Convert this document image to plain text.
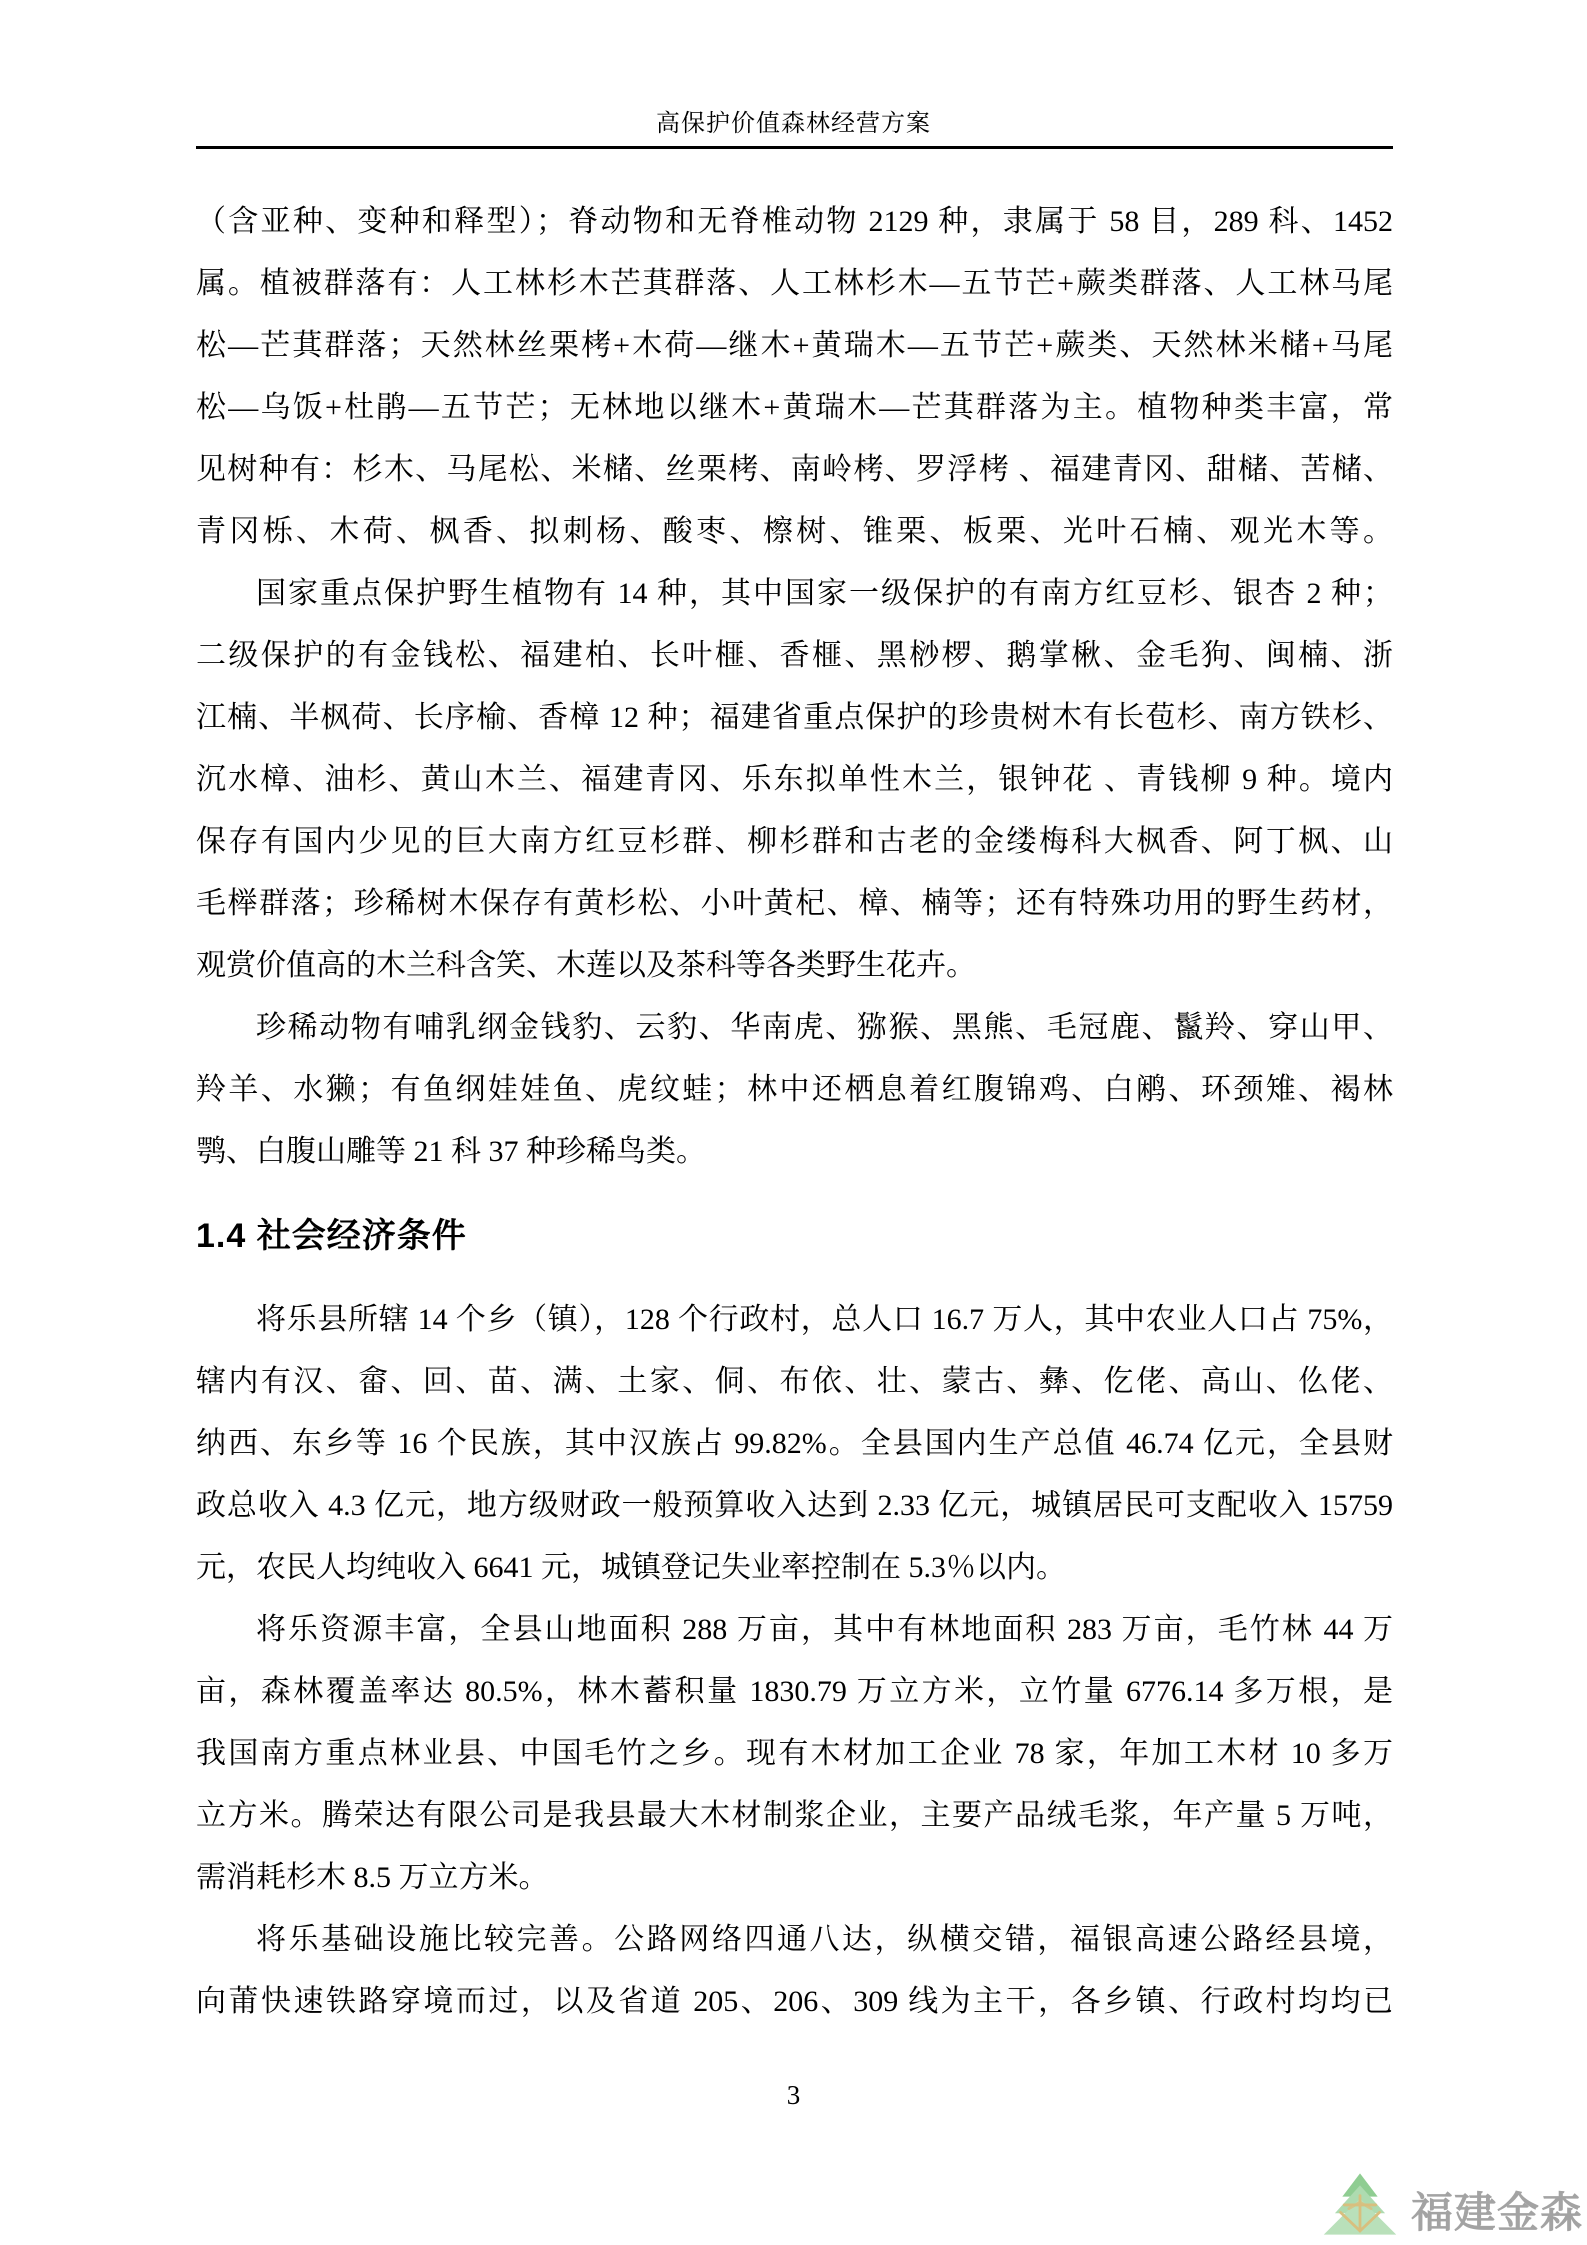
高保护价值森林经营方案
（含亚种、变种和释型）；脊动物和无脊椎动物 2129 种，隶属于 58 目，289 科、1452
属。植被群落有：人工林杉木芒萁群落、人工林杉木—五节芒+蕨类群落、人工林马尾
松—芒萁群落；天然林丝栗栲+木荷—继木+黄瑞木—五节芒+蕨类、天然林米槠+马尾
松—乌饭+杜鹃—五节芒；无林地以继木+黄瑞木—芒萁群落为主。植物种类丰富，常
见树种有：杉木、马尾松、米槠、丝栗栲、南岭栲、罗浮栲 、福建青冈、甜槠、苦槠、
青冈栎、木荷、枫香、拟刺杨、酸枣、檫树、锥栗、板栗、光叶石楠、观光木等。
国家重点保护野生植物有 14 种，其中国家一级保护的有南方红豆杉、银杏 2 种；
二级保护的有金钱松、福建柏、长叶榧、香榧、黑桫椤、鹅掌楸、金毛狗、闽楠、浙
江楠、半枫荷、长序榆、香樟 12 种；福建省重点保护的珍贵树木有长苞杉、南方铁杉、
沉水樟、油杉、黄山木兰、福建青冈、乐东拟单性木兰，银钟花 、青钱柳 9 种。境内
保存有国内少见的巨大南方红豆杉群、柳杉群和古老的金缕梅科大枫香、阿丁枫、山
毛榉群落；珍稀树木保存有黄杉松、小叶黄杞、樟、楠等；还有特殊功用的野生药材，
观赏价值高的木兰科含笑、木莲以及茶科等各类野生花卉。
珍稀动物有哺乳纲金钱豹、云豹、华南虎、猕猴、黑熊、毛冠鹿、鬣羚、穿山甲、
羚羊、水獭；有鱼纲娃娃鱼、虎纹蛙；林中还栖息着红腹锦鸡、白鹇、环颈雉、褐林
鹗、白腹山雕等 21 科 37 种珍稀鸟类。
1.4 社会经济条件
将乐县所辖 14 个乡（镇），128 个行政村，总人口 16.7 万人，其中农业人口占 75%，
辖内有汉、畲、回、苗、满、土家、侗、布依、壮、蒙古、彝、仡佬、高山、仫佬、
纳西、东乡等 16 个民族，其中汉族占 99.82%。全县国内生产总值 46.74 亿元，全县财
政总收入 4.3 亿元，地方级财政一般预算收入达到 2.33 亿元，城镇居民可支配收入 15759
元，农民人均纯收入 6641 元，城镇登记失业率控制在 5.3％以内。
将乐资源丰富，全县山地面积 288 万亩，其中有林地面积 283 万亩，毛竹林 44 万
亩，森林覆盖率达 80.5%，林木蓄积量 1830.79 万立方米，立竹量 6776.14 多万根，是
我国南方重点林业县、中国毛竹之乡。现有木材加工企业 78 家，年加工木材 10 多万
立方米。腾荣达有限公司是我县最大木材制浆企业，主要产品绒毛浆，年产量 5 万吨，
需消耗杉木 8.5 万立方米。
将乐基础设施比较完善。公路网络四通八达，纵横交错，福银高速公路经县境，
向莆快速铁路穿境而过，以及省道 205、206、309 线为主干，各乡镇、行政村均均已
3
福建金森
